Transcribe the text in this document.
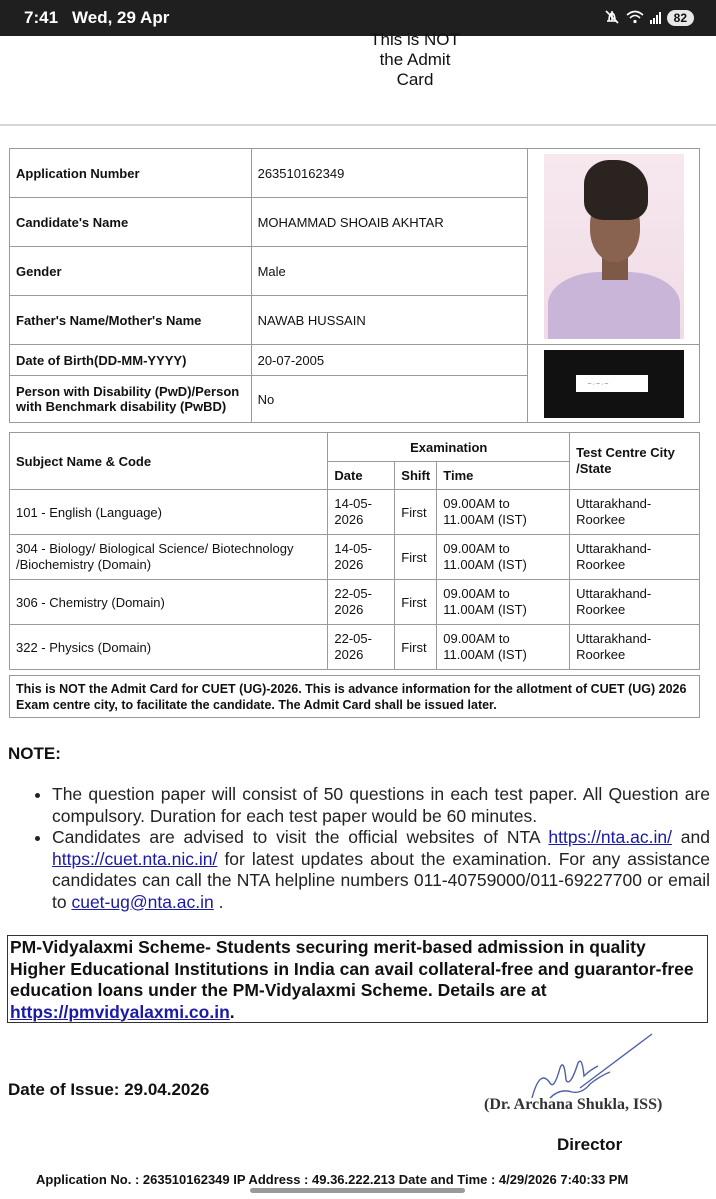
7:41 Wed, 29 Apr	82
This is NOT
the Admit
Card
Application Number	263510162349	

Candidate's Name	MOHAMMAD SHOAIB AKHTAR	
Gender	Male	
Father's Name/Mother's Name	NAWAB HUSSAIN	
Date of Birth(DD-MM-YYYY)	20-07-2005	~·~·~

Person with Disability (PwD)/Person with Benchmark disability (PwBD)	No	
Subject Name & Code	Examination			Test Centre City /State
	Date	Shift	Time	
101 - English (Language)	14-05-2026	First	09.00AM to 11.00AM (IST)	Uttarakhand-Roorkee
304 - Biology/ Biological Science/ Biotechnology /Biochemistry (Domain)	14-05-2026	First	09.00AM to 11.00AM (IST)	Uttarakhand-Roorkee
306 - Chemistry (Domain)	22-05-2026	First	09.00AM to 11.00AM (IST)	Uttarakhand-Roorkee
322 - Physics (Domain)	22-05-2026	First	09.00AM to 11.00AM (IST)	Uttarakhand-Roorkee
This is NOT the Admit Card for CUET (UG)-2026. This is advance information for the allotment of CUET (UG) 2026 Exam centre city, to facilitate the candidate. The Admit Card shall be issued later.
NOTE:
• The question paper will consist of 50 questions in each test paper. All Question are compulsory. Duration for each test paper would be 60 minutes.
• Candidates are advised to visit the official websites of NTA https://nta.ac.in/ and https://cuet.nta.nic.in/ for latest updates about the examination. For any assistance candidates can call the NTA helpline numbers 011-40759000/011-69227700 or email to cuet-ug@nta.ac.in .
PM-Vidyalaxmi Scheme- Students securing merit-based admission in quality Higher Educational Institutions in India can avail collateral-free and guarantor-free education loans under the PM-Vidyalaxmi Scheme. Details are at https://pmvidyalaxmi.co.in.
Date of Issue: 29.04.2026
(Dr. Archana Shukla, ISS)
Director
Application No. : 263510162349 IP Address : 49.36.222.213 Date and Time : 4/29/2026 7:40:33 PM
